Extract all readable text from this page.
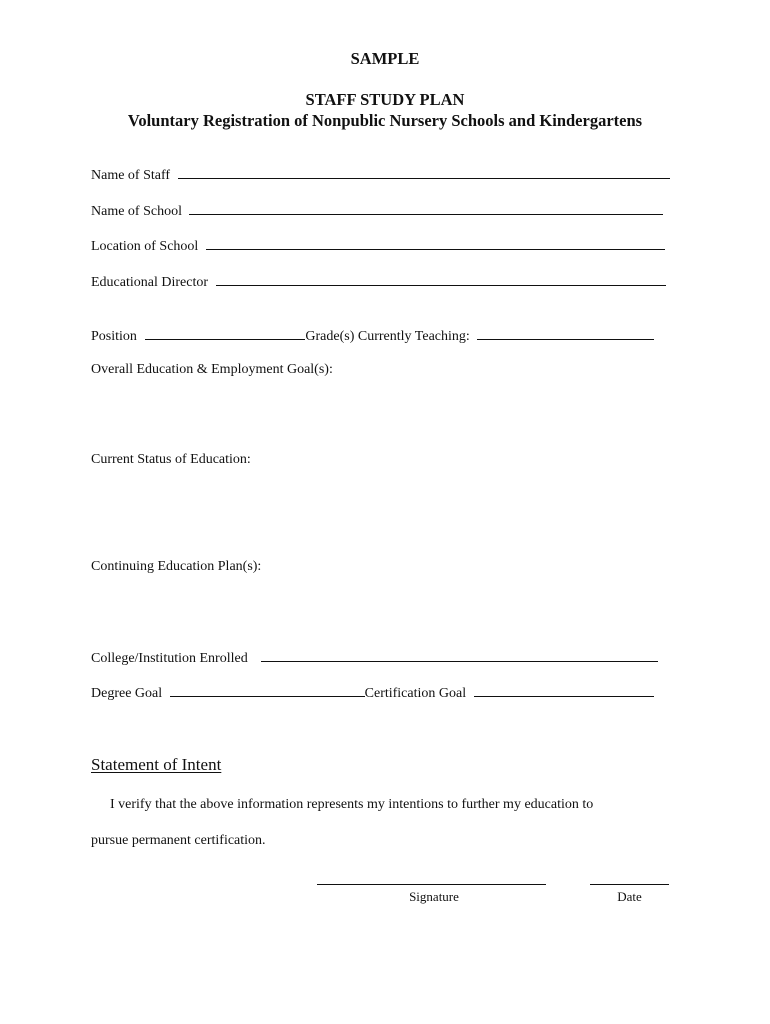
SAMPLE
STAFF STUDY PLAN
Voluntary Registration of Nonpublic Nursery Schools and Kindergartens
Name of Staff
Name of School
Location of School
Educational Director
Position	Grade(s) Currently Teaching:
Overall Education & Employment Goal(s):
Current Status of Education:
Continuing Education Plan(s):
College/Institution Enrolled
Degree Goal	Certification Goal
Statement of Intent
I verify that the above information represents my intentions to further my education to
pursue permanent certification.
Signature	Date
